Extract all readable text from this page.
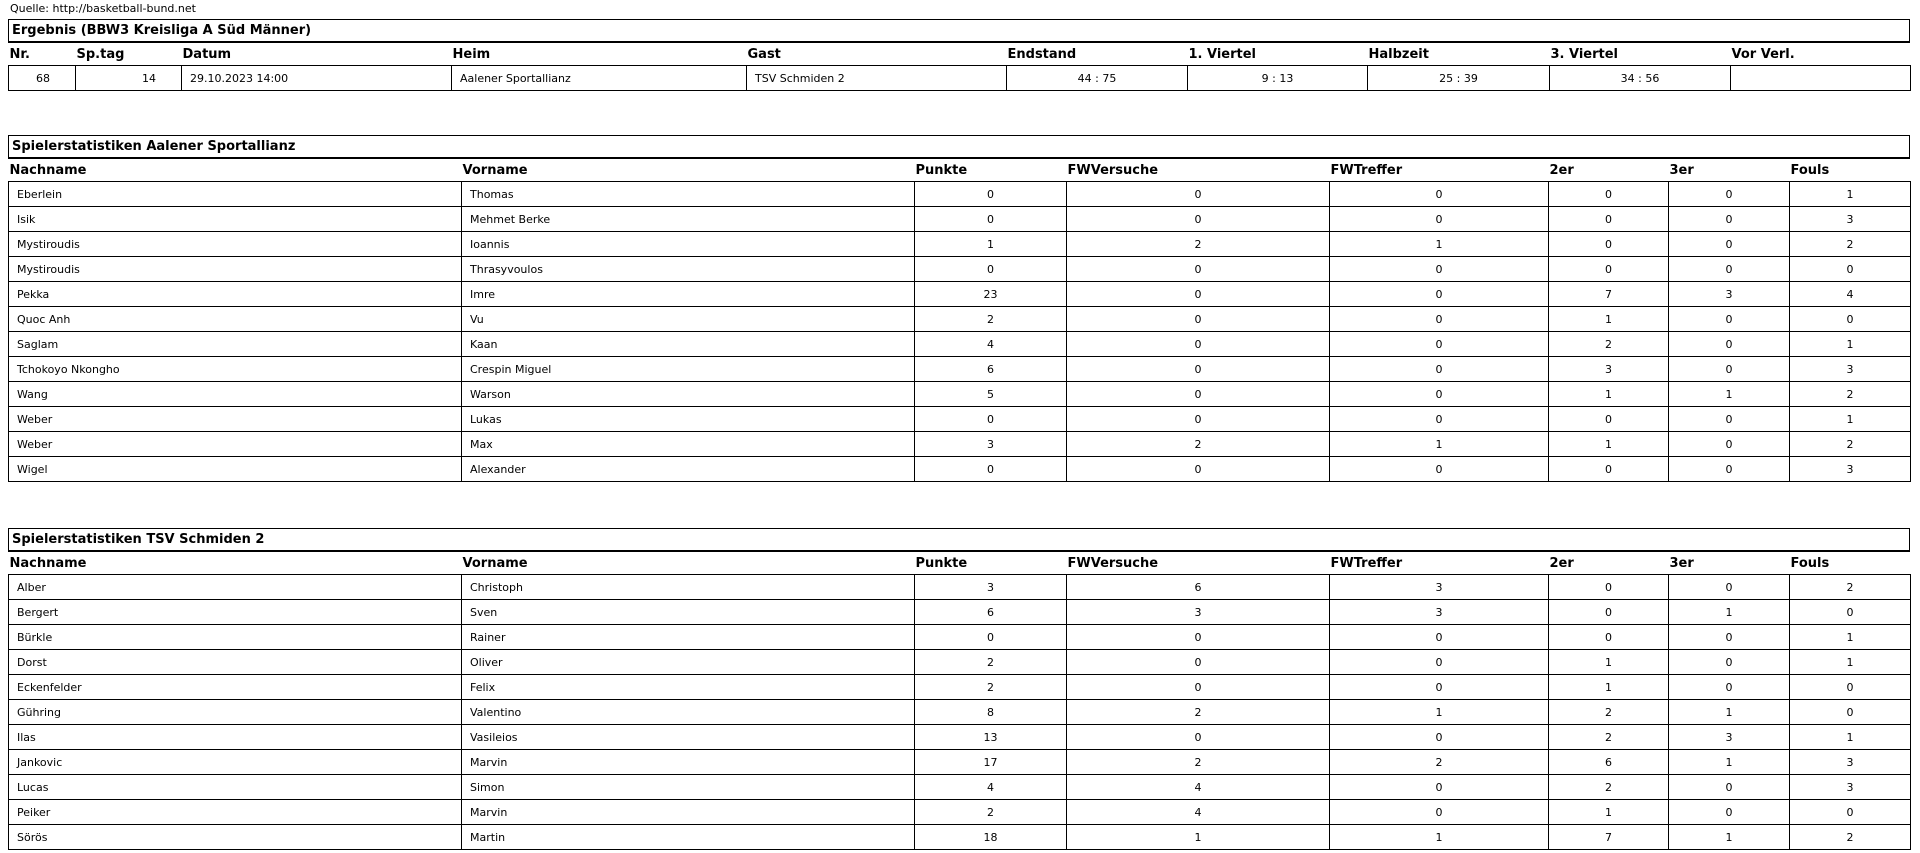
Quelle: http://basketball-bund.net
Ergebnis (BBW3 Kreisliga A Süd Männer)
Nr.	Sp.tag	Datum	Heim	Gast	Endstand	1. Viertel	Halbzeit	3. Viertel	Vor Verl.
68	14	29.10.2023 14:00	Aalener Sportallianz	TSV Schmiden 2	44 : 75	9 : 13	25 : 39	34 : 56	
Spielerstatistiken Aalener Sportallianz
Nachname	Vorname	Punkte	FWVersuche	FWTreffer	2er	3er	Fouls
Eberlein	Thomas	0	0	0	0	0	1
Isik	Mehmet Berke	0	0	0	0	0	3
Mystiroudis	Ioannis	1	2	1	0	0	2
Mystiroudis	Thrasyvoulos	0	0	0	0	0	0
Pekka	Imre	23	0	0	7	3	4
Quoc Anh	Vu	2	0	0	1	0	0
Saglam	Kaan	4	0	0	2	0	1
Tchokoyo Nkongho	Crespin Miguel	6	0	0	3	0	3
Wang	Warson	5	0	0	1	1	2
Weber	Lukas	0	0	0	0	0	1
Weber	Max	3	2	1	1	0	2
Wigel	Alexander	0	0	0	0	0	3
Spielerstatistiken TSV Schmiden 2
Nachname	Vorname	Punkte	FWVersuche	FWTreffer	2er	3er	Fouls
Alber	Christoph	3	6	3	0	0	2
Bergert	Sven	6	3	3	0	1	0
Bürkle	Rainer	0	0	0	0	0	1
Dorst	Oliver	2	0	0	1	0	1
Eckenfelder	Felix	2	0	0	1	0	0
Gühring	Valentino	8	2	1	2	1	0
Ilas	Vasileios	13	0	0	2	3	1
Jankovic	Marvin	17	2	2	6	1	3
Lucas	Simon	4	4	0	2	0	3
Peiker	Marvin	2	4	0	1	0	0
Sörös	Martin	18	1	1	7	1	2
